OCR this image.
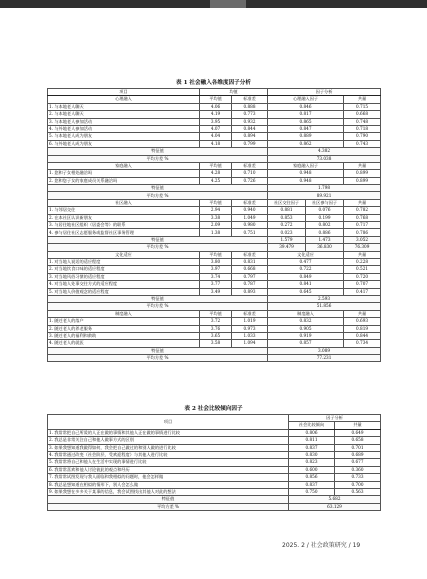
表 1 社会融入各维度因子分析
项目	均值		因子分析		
心理融入	平均值	标准差	心理融入因子		共量
1. 与本地老人聊天	4.06	0.888	0.846		0.715
2. 与本地老人聊天	4.19	0.773	0.817		0.668
3. 与本地老人参加活动	3.95	0.932	0.865		0.748
4. 与外地老人参加活动	4.07	0.844	0.847		0.718
5. 与本地老人成为朋友	4.04	0.894	0.889		0.790
6. 与外地老人成为朋友	4.18	0.799	0.862		0.743
特征值			4.382		
平均方差 %			73.038		
家庭融入	平均值	标准差	家庭融入因子		共量
1. 您和子女相处融洽吗	4.28	0.710	0.948		0.899
2. 您和您子女的家庭成员关系融洽吗	4.25	0.726	0.948		0.899
特征值			1.798		
平均方差 %			89.921		
社区融入	平均值	标准差	社区交往因子	社区参与因子	共量
1. 与邻居交往	2.94	0.940	0.881	0.076	0.782
2. 在本社区认识新朋友	3.38	1.049	0.853	0.199	0.768
3. 与居住地社区组织（居委会等）的联系	2.09	0.980	0.272	0.802	0.717
4. 参与居住社区志愿服务或监督社区事务管理	1.38	0.751	0.023	0.886	0.786
特征值			1.579	1.473	3.052
平均方差 %			39.479	36.830	76.309
文化适应	平均值	标准差	文化适应		共量
1. 对当地人说话的适应程度	3.80	0.831	0.477		0.228
2. 对当地饮食口味的适应程度	3.97	0.668	0.722		0.521
3. 对当地风俗习惯的适应程度	3.74	0.797	0.849		0.720
4. 对当地人处事交往方式的适应程度	3.77	0.787	0.841		0.707
5. 对当地人价值观念的适应程度	3.49	0.893	0.645		0.417
特征值			2.593		
平均方差 %			51.856		
制度融入	平均值	标准差	制度融入		共量
1. 随迁老人的落户	3.72	1.019	0.832		0.693
2. 随迁老人的养老服务	3.76	0.973	0.905		0.819
3. 随迁老人的福利和救助	3.65	1.033	0.919		0.844
4. 随迁老人的就医	3.58	1.094	0.857		0.734
特征值			3.089		
平均方差 %			77.231		
表 2 社会比较倾向因子
项目	因子分析	
	社会比较倾向	共量
1. 我常常把自己所爱的人正在做的事情和其他人正在做的事情进行比较	0.806	0.649
2. 我总是非常关注自己和他人做事方式的区别	0.811	0.658
3. 如果我想知道我做得如何，我会把自己做过的和别人做的进行比较	0.837	0.701
4. 我常常通过改变（社会阶层、受欢迎程度）与其他人进行比较	0.830	0.689
5. 我常常将自己和他人在生活中实现的事情进行比较	0.823	0.677
6. 我常常喜欢和他人讨论彼此的观点和经历	0.600	0.360
7. 我常常试图发现与我人面临和我相似的问题时，他会怎样做	0.856	0.733
8. 我总是想知道在相似的情形下，别人会怎么做	0.837	0.700
9. 如果我想在多多关于某事的信息，我会试图找出其他人对此的想法	0.750	0.563
特征值	5.682	
平均方差 %	63.129	
2025. 2 / 社会政策研究 / 19
